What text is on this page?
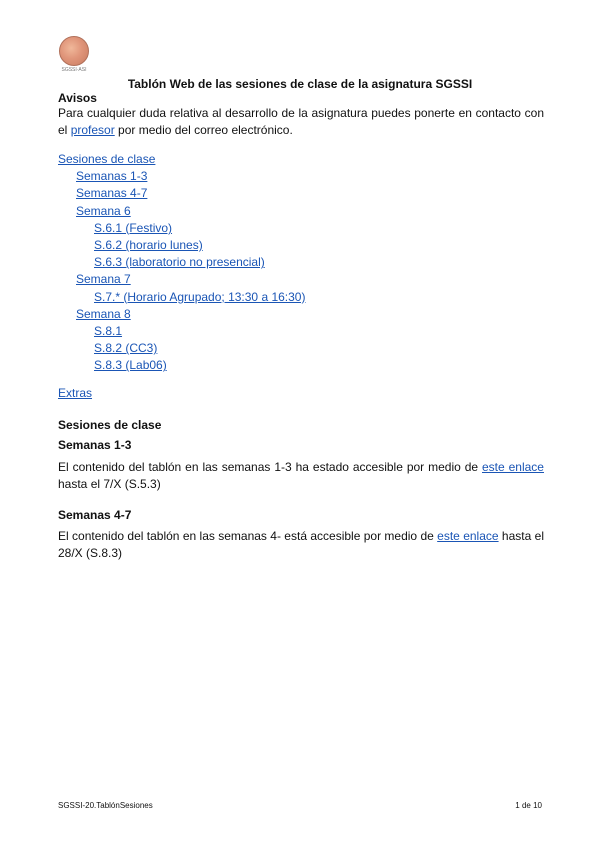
SGSSI·ASI
Tablón Web de las sesiones de clase de la asignatura SGSSI
Avisos
Para cualquier duda relativa al desarrollo de la asignatura puedes ponerte en contacto con el profesor por medio del correo electrónico.
Sesiones de clase
Semanas 1-3
Semanas 4-7
Semana 6
S.6.1 (Festivo)
S.6.2 (horario lunes)
S.6.3 (laboratorio no presencial)
Semana 7
S.7.* (Horario Agrupado; 13:30 a 16:30)
Semana 8
S.8.1
S.8.2 (CC3)
S.8.3 (Lab06)
Extras
Sesiones de clase
Semanas 1-3
El contenido del tablón en las semanas 1-3 ha estado accesible por medio de este enlace hasta el 7/X (S.5.3)
Semanas 4-7
El contenido del tablón en las semanas 4- está accesible por medio de este enlace hasta el 28/X (S.8.3)
SGSSI-20.TablónSesiones	1 de 10
